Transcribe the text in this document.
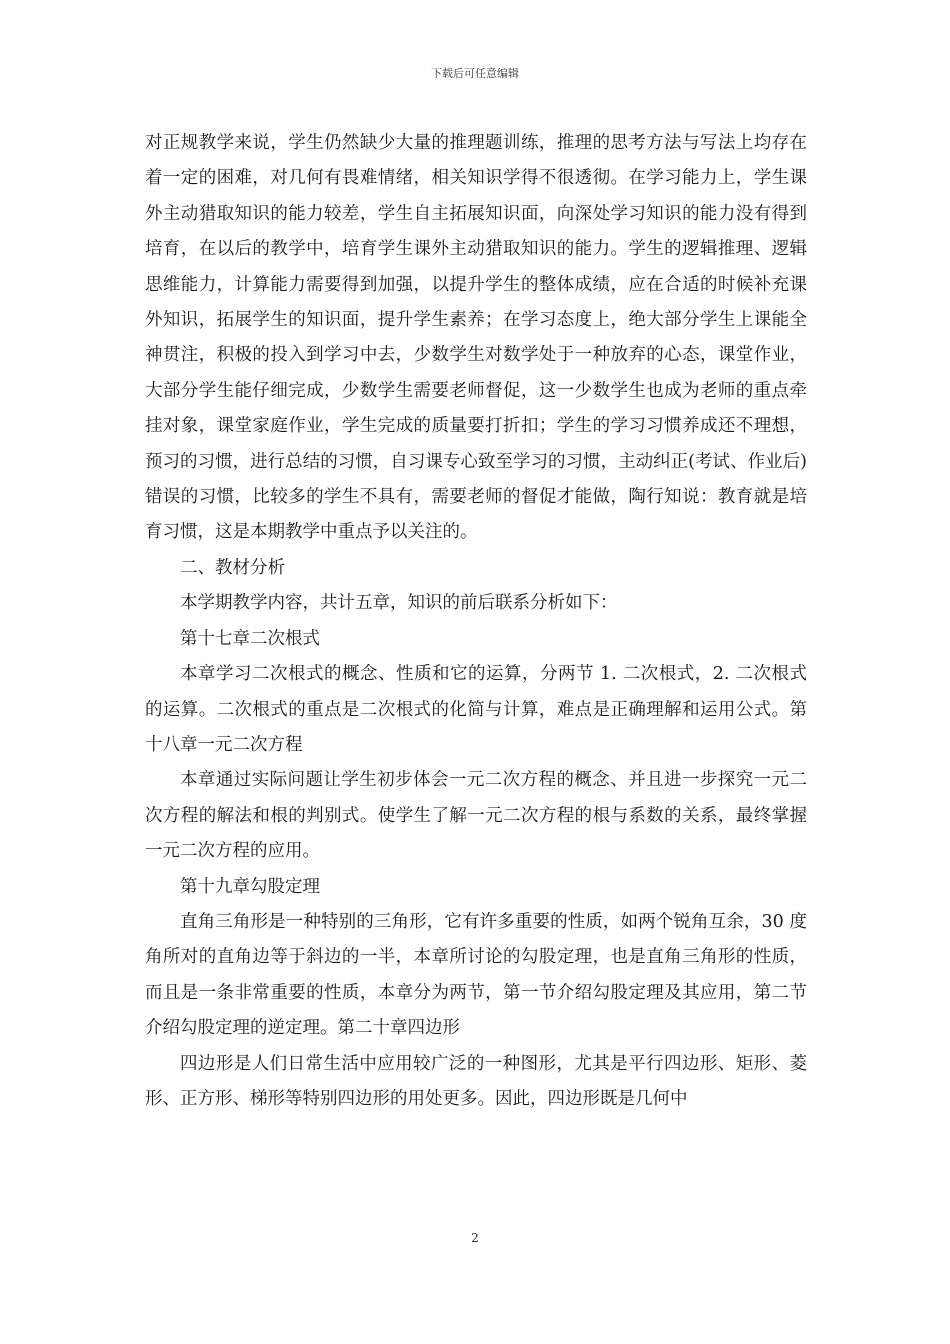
下载后可任意编辑

对正规教学来说，学生仍然缺少大量的推理题训练，推理的思考方法与写法上均存在着一定的困难，对几何有畏难情绪，相关知识学得不很透彻。在学习能力上，学生课外主动猎取知识的能力较差，学生自主拓展知识面，向深处学习知识的能力没有得到培育，在以后的教学中，培育学生课外主动猎取知识的能力。学生的逻辑推理、逻辑思维能力，计算能力需要得到加强，以提升学生的整体成绩，应在合适的时候补充课外知识，拓展学生的知识面，提升学生素养；在学习态度上，绝大部分学生上课能全神贯注，积极的投入到学习中去，少数学生对数学处于一种放弃的心态，课堂作业，大部分学生能仔细完成，少数学生需要老师督促，这一少数学生也成为老师的重点牵挂对象，课堂家庭作业，学生完成的质量要打折扣；学生的学习习惯养成还不理想，预习的习惯，进行总结的习惯，自习课专心致至学习的习惯，主动纠正(考试、作业后)错误的习惯，比较多的学生不具有，需要老师的督促才能做，陶行知说：教育就是培育习惯，这是本期教学中重点予以关注的。

二、教材分析

本学期教学内容，共计五章，知识的前后联系分析如下：

第十七章二次根式

本章学习二次根式的概念、性质和它的运算，分两节 1. 二次根式，2. 二次根式的运算。二次根式的重点是二次根式的化简与计算，难点是正确理解和运用公式。第十八章一元二次方程

本章通过实际问题让学生初步体会一元二次方程的概念、并且进一步探究一元二次方程的解法和根的判别式。使学生了解一元二次方程的根与系数的关系，最终掌握一元二次方程的应用。

第十九章勾股定理

直角三角形是一种特别的三角形，它有许多重要的性质，如两个锐角互余，30 度角所对的直角边等于斜边的一半，本章所讨论的勾股定理，也是直角三角形的性质，而且是一条非常重要的性质，本章分为两节，第一节介绍勾股定理及其应用，第二节介绍勾股定理的逆定理。第二十章四边形

四边形是人们日常生活中应用较广泛的一种图形，尤其是平行四边形、矩形、菱形、正方形、梯形等特别四边形的用处更多。因此，四边形既是几何中

2
